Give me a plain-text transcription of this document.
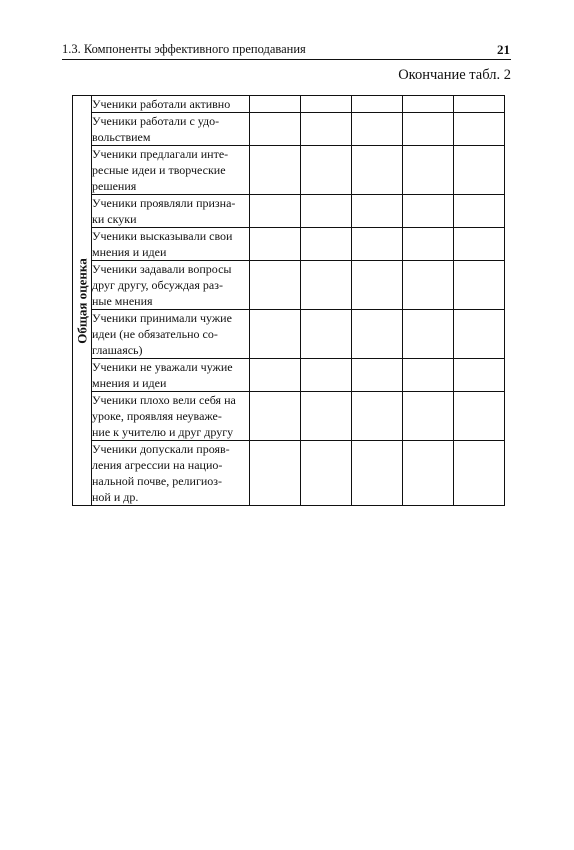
1.3. Компоненты эффективного преподавания	21
Окончание табл. 2
Общая оценка	Ученики работали активно					

	Ученики работали с удо-
вольствием					

	Ученики предлагали инте-
ресные идеи и творческие
решения					

	Ученики проявляли призна-
ки скуки					

	Ученики высказывали свои
мнения и идеи					

	Ученики задавали вопросы
друг другу, обсуждая раз-
ные мнения					

	Ученики принимали чужие
идеи (не обязательно со-
глашаясь)					

	Ученики не уважали чужие
мнения и идеи					

	Ученики плохо вели себя на
уроке, проявляя неуваже-
ние к учителю и друг другу					

	Ученики допускали прояв-
ления агрессии на нацио-
нальной почве, религиоз-
ной и др.					
